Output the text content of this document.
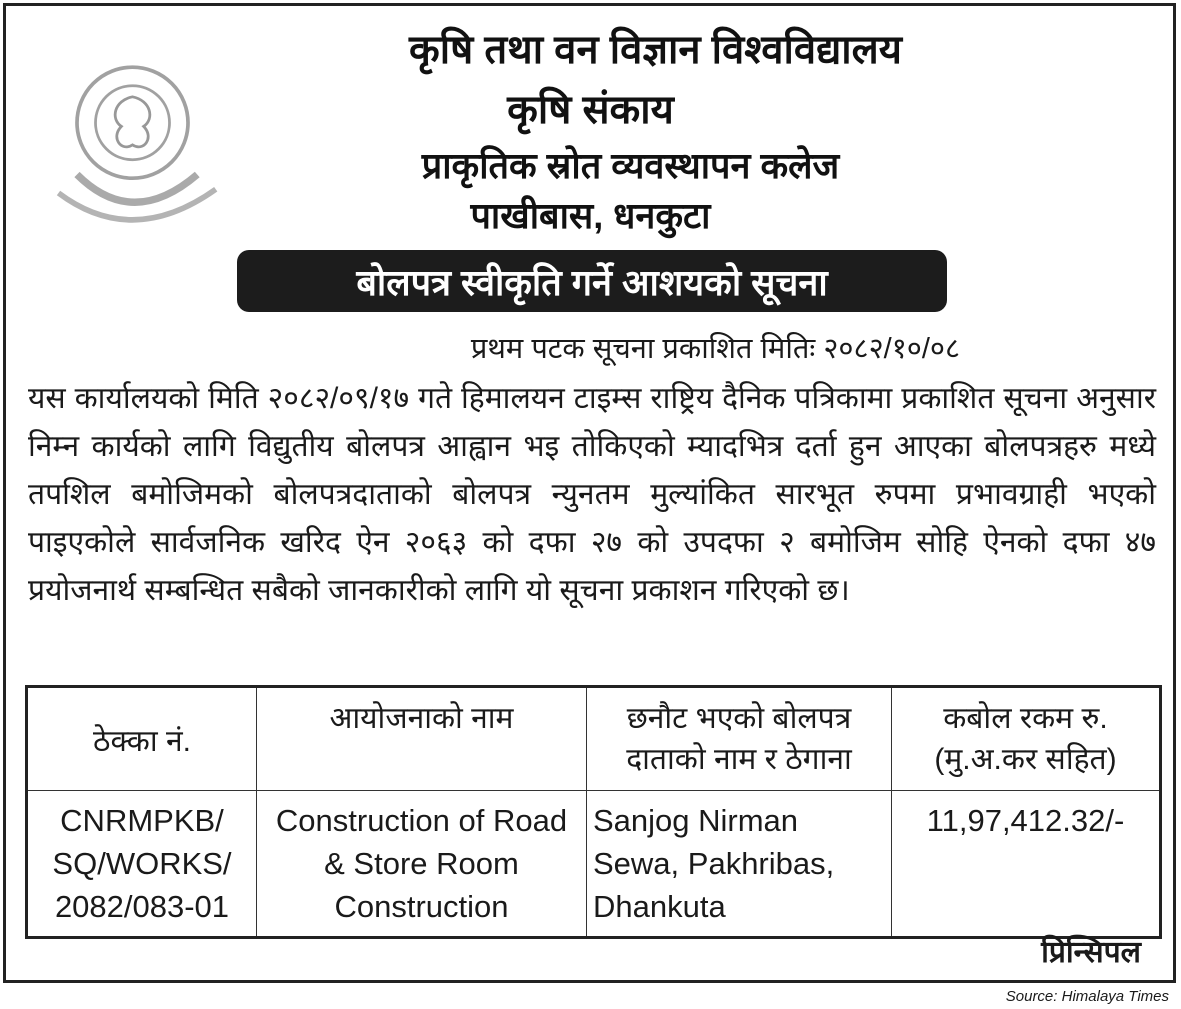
कृषि तथा वन विज्ञान विश्वविद्यालय
कृषि संकाय
प्राकृतिक स्रोत व्यवस्थापन कलेज
पाखीबास, धनकुटा
बोलपत्र स्वीकृति गर्ने आशयको सूचना
प्रथम पटक सूचना प्रकाशित मितिः २०८२/१०/०८

यस कार्यालयको मिति २०८२/०९/१७ गते हिमालयन टाइम्स राष्ट्रिय दैनिक पत्रिकामा प्रकाशित सूचना अनुसार निम्न कार्यको लागि विद्युतीय बोलपत्र आह्वान भइ तोकिएको म्यादभित्र दर्ता हुन आएका बोलपत्रहरु मध्ये तपशिल बमोजिमको बोलपत्रदाताको बोलपत्र न्युनतम मुल्यांकित सारभूत रुपमा प्रभावग्राही भएको पाइएकोले सार्वजनिक खरिद ऐन २०६३ को दफा २७ को उपदफा २ बमोजिम सोहि ऐनको दफा ४७ प्रयोजनार्थ सम्बन्धित सबैको जानकारीको लागि यो सूचना प्रकाशन गरिएको छ।

ठेक्का नं.	आयोजनाको नाम	छनौट भएको बोलपत्र दाताको नाम र ठेगाना	कबोल रकम रु. (मु.अ.कर सहित)
CNRMPKB/ SQ/WORKS/ 2082/083-01	Construction of Road & Store Room Construction	Sanjog Nirman Sewa, Pakhribas, Dhankuta	11,97,412.32/-
प्रिन्सिपल
Source: Himalaya Times
